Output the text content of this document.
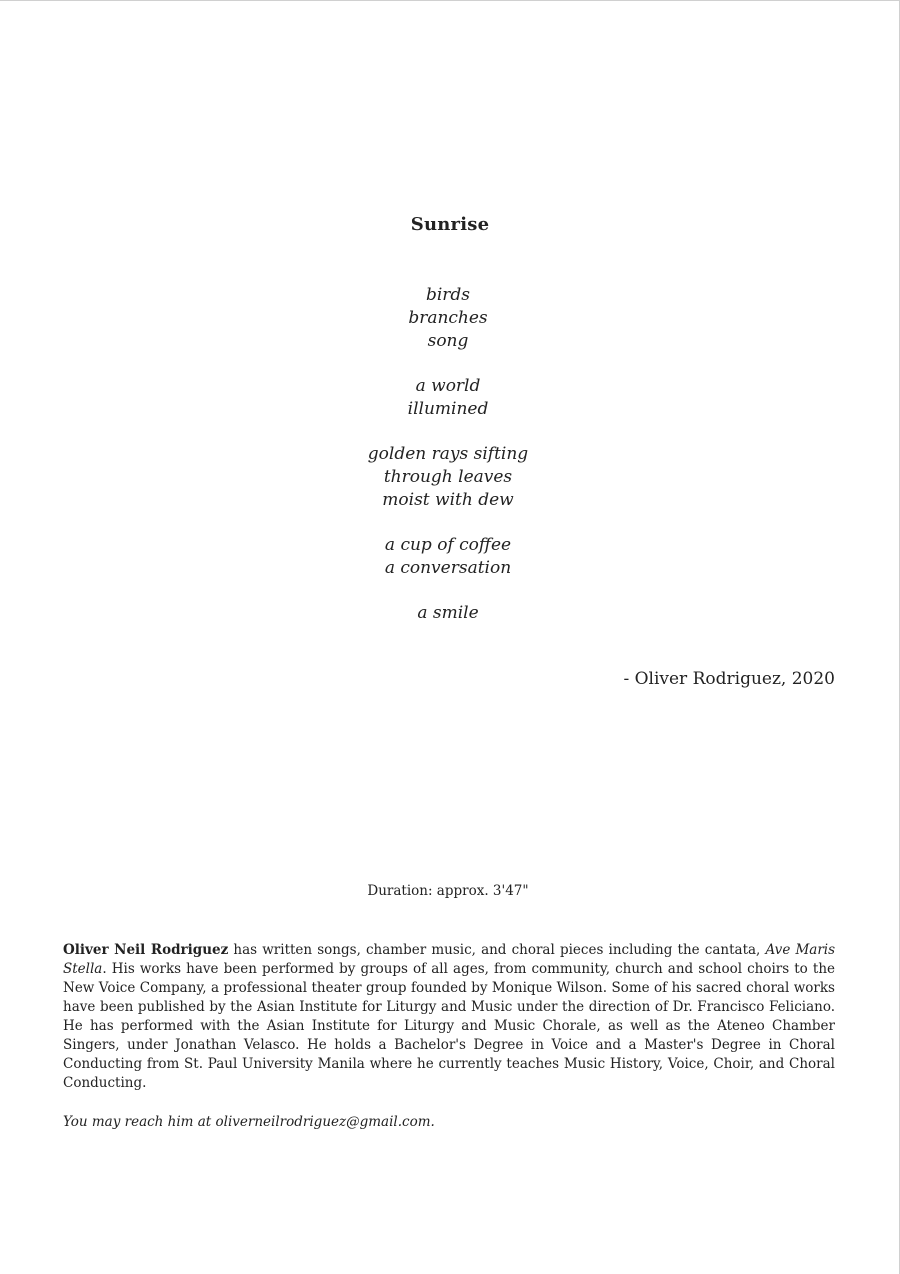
Sunrise
birds
branches
song
a world
illumined
golden rays sifting
through leaves
moist with dew
a cup of coffee
a conversation
a smile
- Oliver Rodriguez, 2020
Duration: approx. 3'47"
Oliver Neil Rodriguez has written songs, chamber music, and choral pieces including the cantata, Ave Maris Stella. His works have been performed by groups of all ages, from community, church and school choirs to the New Voice Company, a professional theater group founded by Monique Wilson. Some of his sacred choral works have been published by the Asian Institute for Liturgy and Music under the direction of Dr. Francisco Feliciano. He has performed with the Asian Institute for Liturgy and Music Chorale, as well as the Ateneo Chamber Singers, under Jonathan Velasco. He holds a Bachelor's Degree in Voice and a Master's Degree in Choral Conducting from St. Paul University Manila where he currently teaches Music History, Voice, Choir, and Choral Conducting.
You may reach him at oliverneilrodriguez@gmail.com.
